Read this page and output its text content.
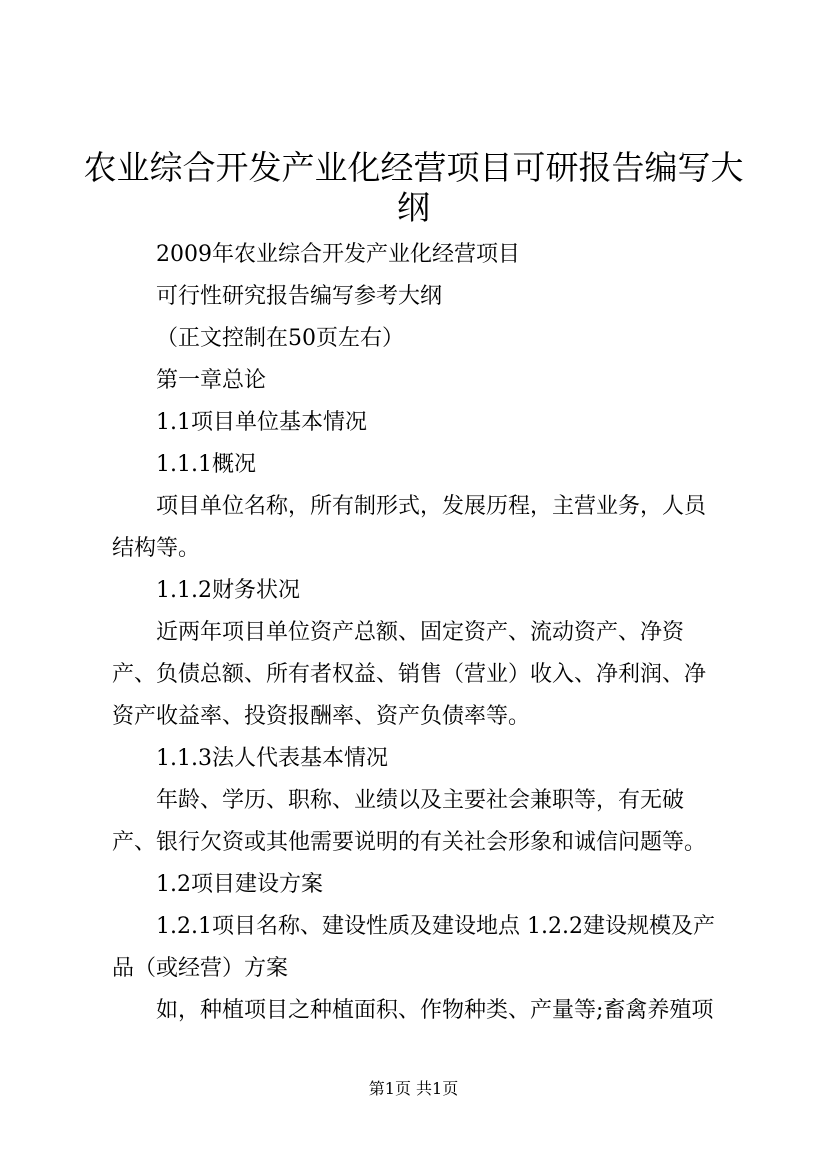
农业综合开发产业化经营项目可研报告编写大
纲

2009年农业综合开发产业化经营项目

可行性研究报告编写参考大纲

（正文控制在50页左右）

第一章总论

1.1项目单位基本情况

1.1.1概况

项目单位名称，所有制形式，发展历程，主营业务，人员结构等。

1.1.2财务状况

近两年项目单位资产总额、固定资产、流动资产、净资产、负债总额、所有者权益、销售（营业）收入、净利润、净资产收益率、投资报酬率、资产负债率等。

1.1.3法人代表基本情况

年龄、学历、职称、业绩以及主要社会兼职等，有无破产、银行欠资或其他需要说明的有关社会形象和诚信问题等。

1.2项目建设方案

1.2.1项目名称、建设性质及建设地点 1.2.2建设规模及产品（或经营）方案

如，种植项目之种植面积、作物种类、产量等;畜禽养殖项

第1页 共1页
